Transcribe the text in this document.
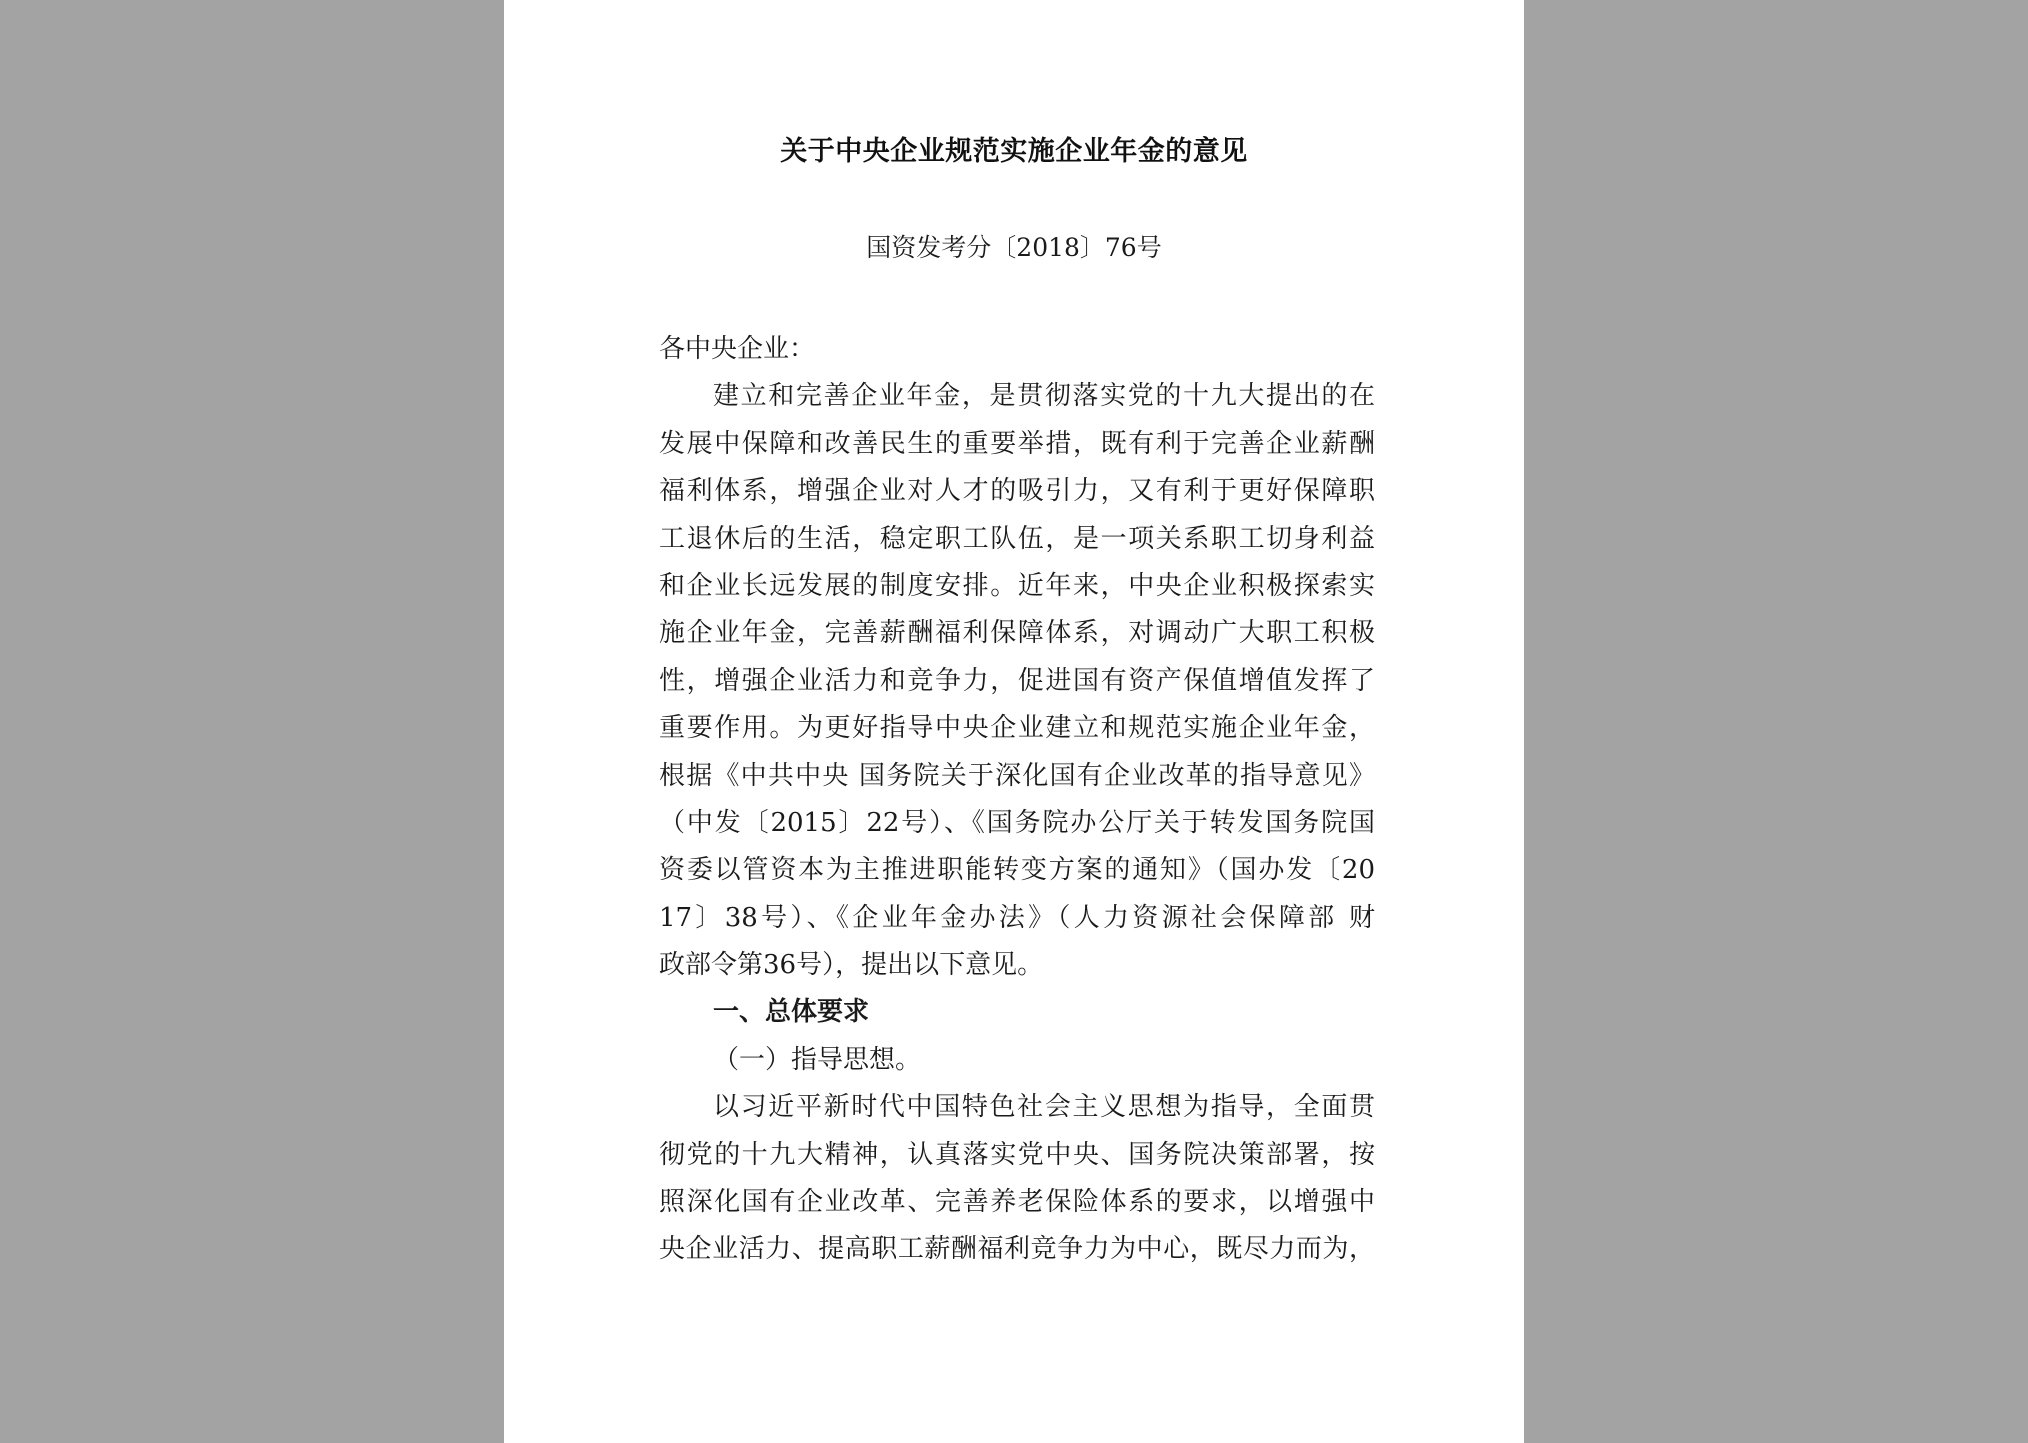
关于中央企业规范实施企业年金的意见
国资发考分〔2018〕76号
各中央企业：
建立和完善企业年金，是贯彻落实党的十九大提出的在
发展中保障和改善民生的重要举措，既有利于完善企业薪酬
福利体系，增强企业对人才的吸引力，又有利于更好保障职
工退休后的生活，稳定职工队伍，是一项关系职工切身利益
和企业长远发展的制度安排。近年来，中央企业积极探索实
施企业年金，完善薪酬福利保障体系，对调动广大职工积极
性，增强企业活力和竞争力，促进国有资产保值增值发挥了
重要作用。为更好指导中央企业建立和规范实施企业年金，
根据《中共中央 国务院关于深化国有企业改革的指导意见》
（中发〔2015〕22号）、《国务院办公厅关于转发国务院国
资委以管资本为主推进职能转变方案的通知》（国办发〔20
17〕38号）、《企业年金办法》（人力资源社会保障部 财
政部令第36号），提出以下意见。
一、总体要求
（一）指导思想。
以习近平新时代中国特色社会主义思想为指导，全面贯
彻党的十九大精神，认真落实党中央、国务院决策部署，按
照深化国有企业改革、完善养老保险体系的要求，以增强中
央企业活力、提高职工薪酬福利竞争力为中心，既尽力而为，
